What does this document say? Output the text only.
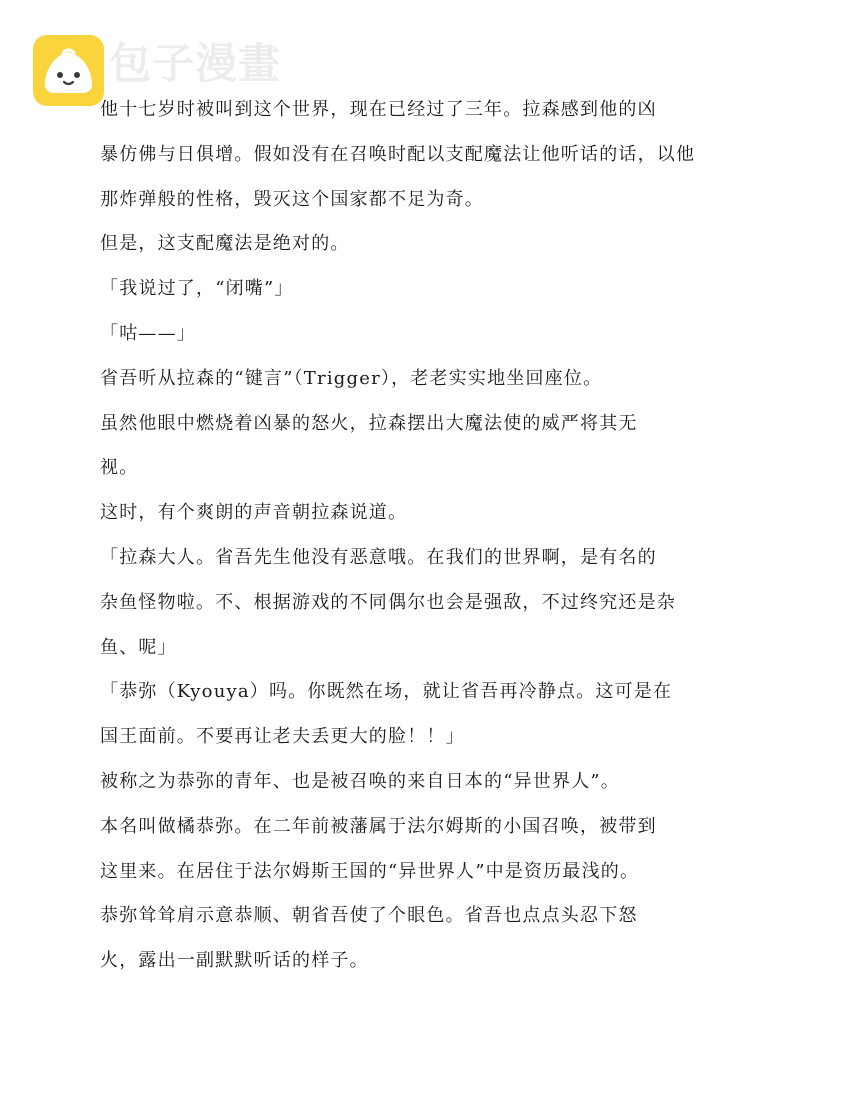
包子漫畫
他十七岁时被叫到这个世界，现在已经过了三年。拉森感到他的凶
暴仿佛与日俱增。假如没有在召唤时配以支配魔法让他听话的话，以他
那炸弹般的性格，毁灭这个国家都不足为奇。
但是，这支配魔法是绝对的。
「我说过了，“闭嘴”」
「咕——」
省吾听从拉森的“键言”（Trigger），老老实实地坐回座位。
虽然他眼中燃烧着凶暴的怒火，拉森摆出大魔法使的威严将其无
视。
这时，有个爽朗的声音朝拉森说道。
「拉森大人。省吾先生他没有恶意哦。在我们的世界啊，是有名的
杂鱼怪物啦。不、根据游戏的不同偶尔也会是强敌，不过终究还是杂
鱼、呢」
「恭弥（Kyouya）吗。你既然在场，就让省吾再冷静点。这可是在
国王面前。不要再让老夫丢更大的脸！！」
被称之为恭弥的青年、也是被召唤的来自日本的“异世界人”。
本名叫做橘恭弥。在二年前被藩属于法尔姆斯的小国召唤，被带到
这里来。在居住于法尔姆斯王国的“异世界人”中是资历最浅的。
恭弥耸耸肩示意恭顺、朝省吾使了个眼色。省吾也点点头忍下怒
火，露出一副默默听话的样子。
